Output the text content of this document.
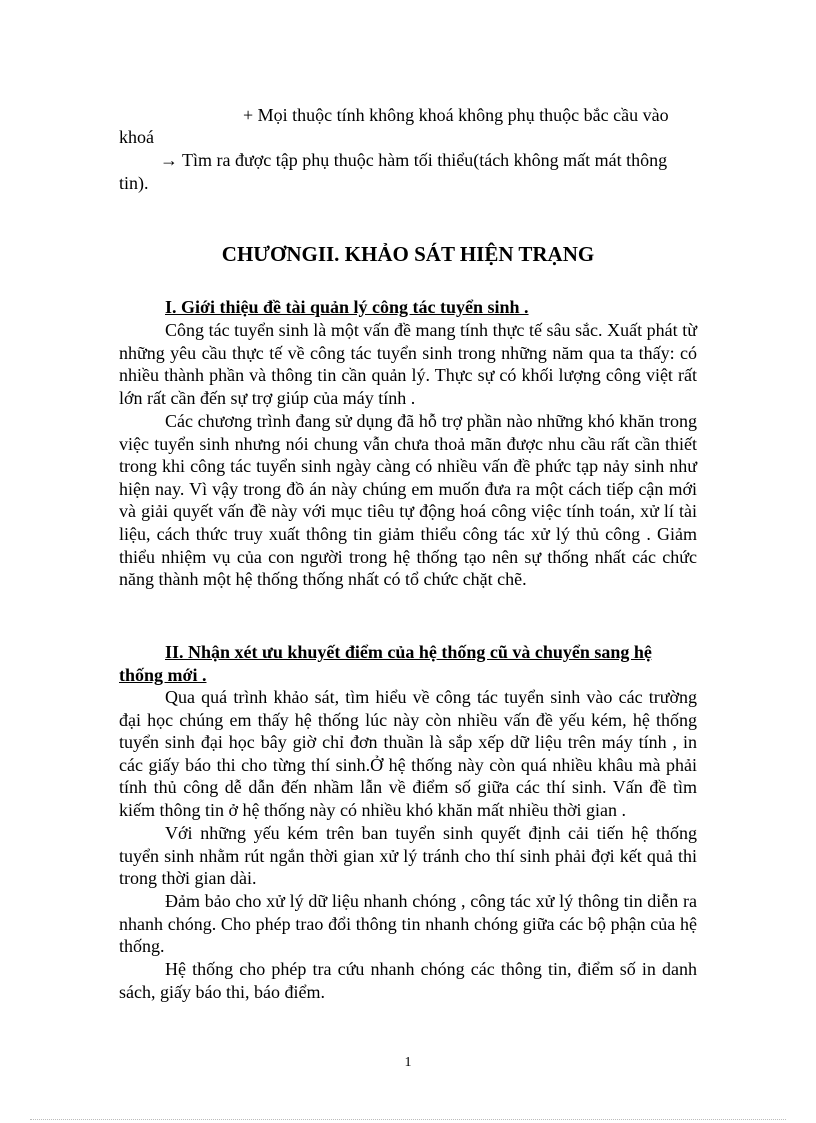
+ Mọi thuộc tính không khoá không phụ thuộc bắc cầu vào
khoá
→ Tìm ra được tập phụ thuộc hàm tối thiểu(tách không mất mát thông
tin).
CHƯƠNGII. KHẢO SÁT HIỆN TRẠNG
I. Giới thiệu đề tài quản lý công tác tuyển sinh .
Công tác tuyển sinh là một vấn đề mang tính thực tế sâu sắc. Xuất phát từ những yêu cầu thực tế về công tác tuyển sinh trong những năm qua ta thấy: có nhiều thành phần và thông tin cần quản lý. Thực sự có khối lượng công việt rất lớn rất cần đến sự trợ giúp của máy tính .
Các chương trình đang sử dụng đã hỗ trợ phần nào những khó khăn trong việc tuyển sinh nhưng nói chung vẫn chưa thoả mãn được nhu cầu rất cần thiết trong khi công tác tuyển sinh ngày càng có nhiều vấn đề phức tạp nảy sinh như hiện nay. Vì vậy trong đồ án này chúng em muốn đưa ra một cách tiếp cận mới và giải quyết vấn đề này với mục tiêu tự động hoá công việc tính toán, xử lí tài liệu, cách thức truy xuất thông tin giảm thiểu công tác xử lý thủ công . Giảm thiểu nhiệm vụ của con người trong hệ thống tạo nên sự thống nhất các chức năng thành một hệ thống thống nhất có tổ chức chặt chẽ.
II. Nhận xét ưu khuyết điểm của hệ thống cũ và chuyển sang hệ
thống mới .
Qua quá trình khảo sát, tìm hiểu về công tác tuyển sinh vào các trường đại học chúng em thấy hệ thống lúc này còn nhiều vấn đề yếu kém, hệ thống tuyển sinh đại học bây giờ chỉ đơn thuần là sắp xếp dữ liệu trên máy tính , in các giấy báo thi cho từng thí sinh.Ở hệ thống này còn quá nhiều khâu mà phải tính thủ công dễ dẫn đến nhầm lẫn về điểm số giữa các thí sinh. Vấn đề tìm kiếm thông tin ở hệ thống này có nhiều khó khăn mất nhiều thời gian .
Với những yếu kém trên ban tuyển sinh quyết định cải tiến hệ thống tuyển sinh nhằm rút ngắn thời gian xử lý tránh cho thí sinh phải đợi kết quả thi trong thời gian dài.
Đảm bảo cho xử lý dữ liệu nhanh chóng , công tác xử lý thông tin diễn ra nhanh chóng. Cho phép trao đổi thông tin nhanh chóng giữa các bộ phận của hệ thống.
Hệ thống cho phép tra cứu nhanh chóng các thông tin, điểm số in danh sách, giấy báo thi, báo điểm.
1
